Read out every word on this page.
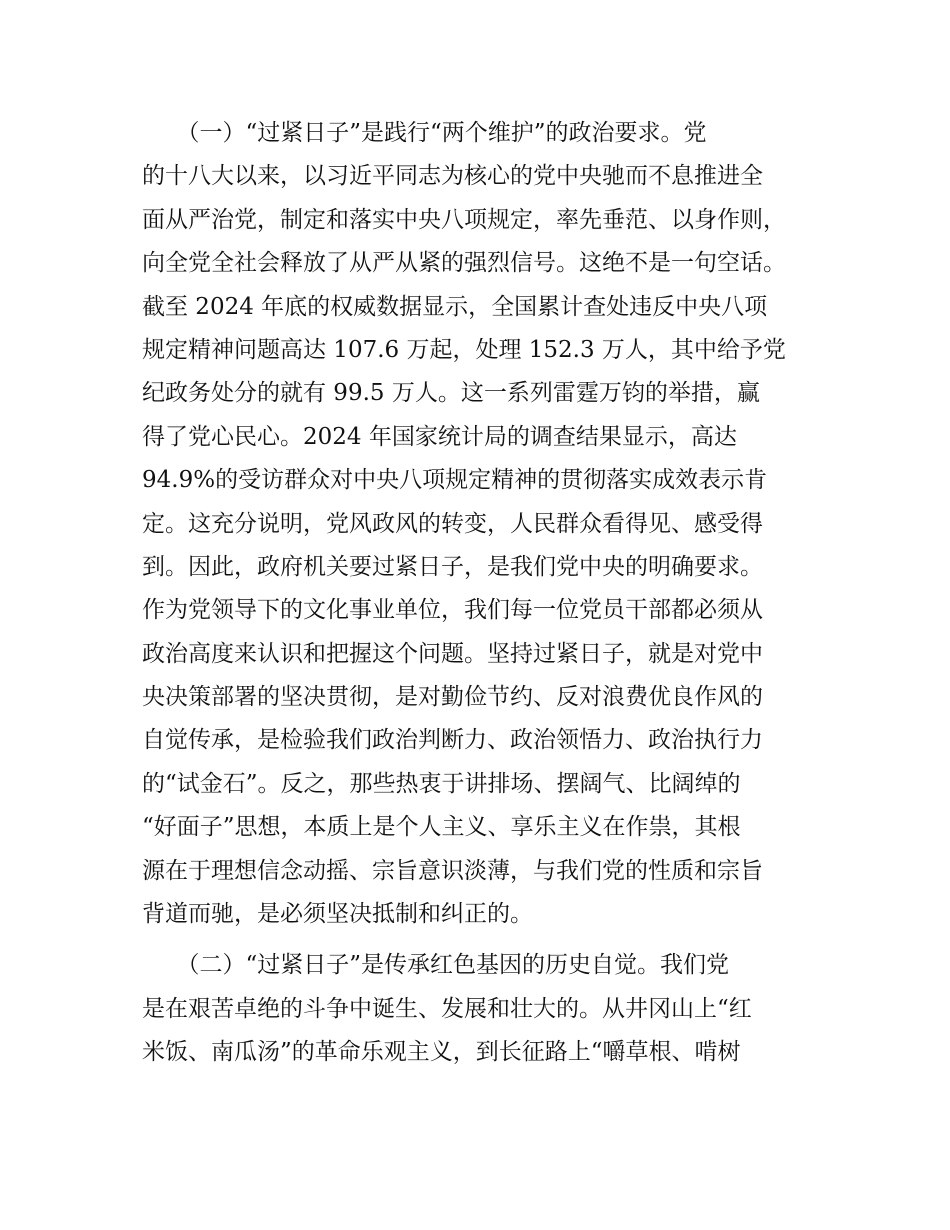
　　（一）“过紧日子”是践行“两个维护”的政治要求。党
的十八大以来，以习近平同志为核心的党中央驰而不息推进全
面从严治党，制定和落实中央八项规定，率先垂范、以身作则，
向全党全社会释放了从严从紧的强烈信号。这绝不是一句空话。
截至 2024 年底的权威数据显示，全国累计查处违反中央八项
规定精神问题高达 107.6 万起，处理 152.3 万人，其中给予党
纪政务处分的就有 99.5 万人。这一系列雷霆万钧的举措，赢
得了党心民心。2024 年国家统计局的调查结果显示，高达
94.9%的受访群众对中央八项规定精神的贯彻落实成效表示肯
定。这充分说明，党风政风的转变，人民群众看得见、感受得
到。因此，政府机关要过紧日子，是我们党中央的明确要求。
作为党领导下的文化事业单位，我们每一位党员干部都必须从
政治高度来认识和把握这个问题。坚持过紧日子，就是对党中
央决策部署的坚决贯彻，是对勤俭节约、反对浪费优良作风的
自觉传承，是检验我们政治判断力、政治领悟力、政治执行力
的“试金石”。反之，那些热衷于讲排场、摆阔气、比阔绰的
“好面子”思想，本质上是个人主义、享乐主义在作祟，其根
源在于理想信念动摇、宗旨意识淡薄，与我们党的性质和宗旨
背道而驰，是必须坚决抵制和纠正的。
　　（二）“过紧日子”是传承红色基因的历史自觉。我们党
是在艰苦卓绝的斗争中诞生、发展和壮大的。从井冈山上“红
米饭、南瓜汤”的革命乐观主义，到长征路上“嚼草根、啃树
